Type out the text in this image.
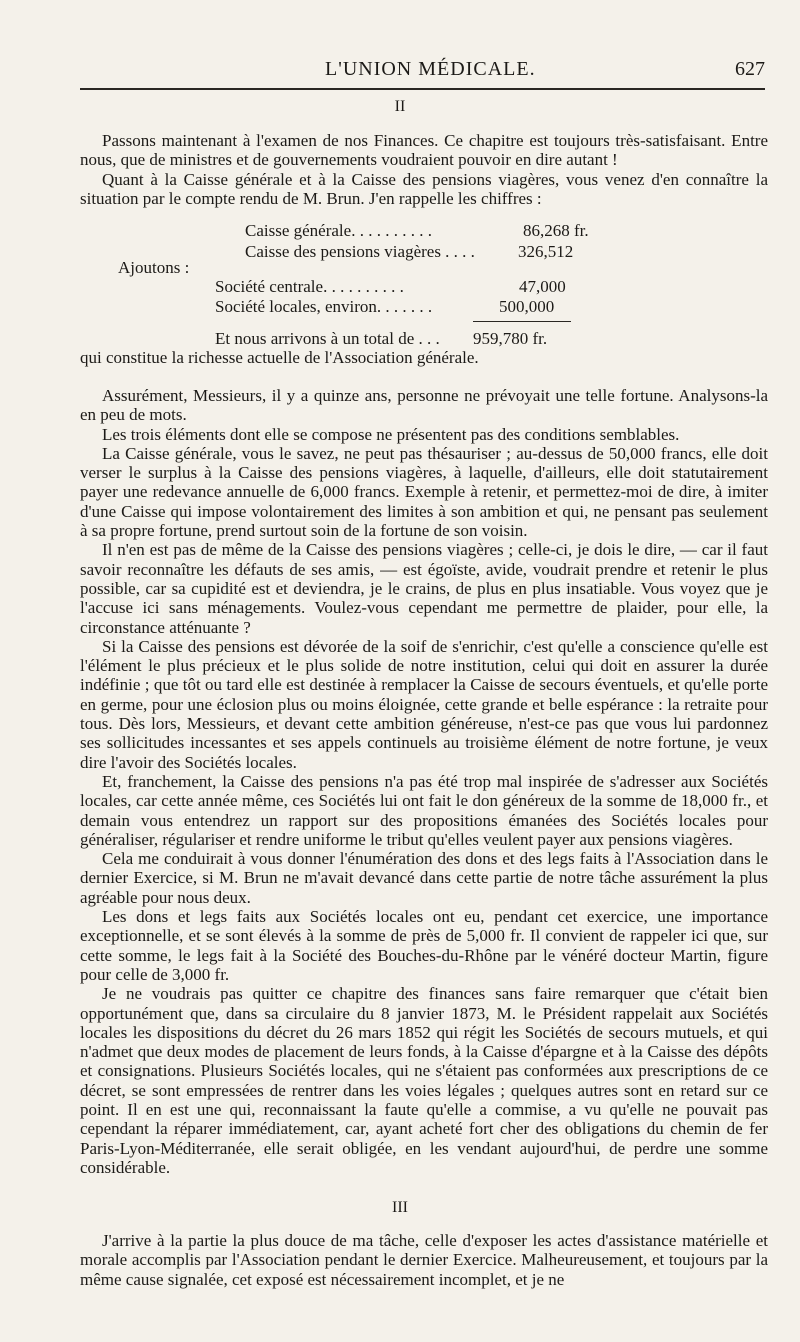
L'UNION MÉDICALE.	627
II

Passons maintenant à l'examen de nos Finances. Ce chapitre est toujours très-satisfaisant. Entre nous, que de ministres et de gouvernements voudraient pouvoir en dire autant !

Quant à la Caisse générale et à la Caisse des pensions viagères, vous venez d'en connaître la situation par le compte rendu de M. Brun. J'en rappelle les chiffres :

Caisse générale. . . . . . . . . .	86,268 fr.
Caisse des pensions viagères . . . .	326,512
Ajoutons :
Société centrale. . . . . . . . . .	47,000
Société locales, environ. . . . . . .	500,000
Et nous arrivons à un total de . . . 959,780 fr.
qui constitue la richesse actuelle de l'Association générale.

Assurément, Messieurs, il y a quinze ans, personne ne prévoyait une telle fortune. Analysons-la en peu de mots.

Les trois éléments dont elle se compose ne présentent pas des conditions semblables.

La Caisse générale, vous le savez, ne peut pas thésauriser ; au-dessus de 50,000 francs, elle doit verser le surplus à la Caisse des pensions viagères, à laquelle, d'ailleurs, elle doit statutairement payer une redevance annuelle de 6,000 francs. Exemple à retenir, et permettez-moi de dire, à imiter d'une Caisse qui impose volontairement des limites à son ambition et qui, ne pensant pas seulement à sa propre fortune, prend surtout soin de la fortune de son voisin.

Il n'en est pas de même de la Caisse des pensions viagères ; celle-ci, je dois le dire, — car il faut savoir reconnaître les défauts de ses amis, — est égoïste, avide, voudrait prendre et retenir le plus possible, car sa cupidité est et deviendra, je le crains, de plus en plus insatiable. Vous voyez que je l'accuse ici sans ménagements. Voulez-vous cependant me permettre de plaider, pour elle, la circonstance atténuante ?

Si la Caisse des pensions est dévorée de la soif de s'enrichir, c'est qu'elle a conscience qu'elle est l'élément le plus précieux et le plus solide de notre institution, celui qui doit en assurer la durée indéfinie ; que tôt ou tard elle est destinée à remplacer la Caisse de secours éventuels, et qu'elle porte en germe, pour une éclosion plus ou moins éloignée, cette grande et belle espérance : la retraite pour tous. Dès lors, Messieurs, et devant cette ambition généreuse, n'est-ce pas que vous lui pardonnez ses sollicitudes incessantes et ses appels continuels au troisième élément de notre fortune, je veux dire l'avoir des Sociétés locales.

Et, franchement, la Caisse des pensions n'a pas été trop mal inspirée de s'adresser aux Sociétés locales, car cette année même, ces Sociétés lui ont fait le don généreux de la somme de 18,000 fr., et demain vous entendrez un rapport sur des propositions émanées des Sociétés locales pour généraliser, régulariser et rendre uniforme le tribut qu'elles veulent payer aux pensions viagères.

Cela me conduirait à vous donner l'énumération des dons et des legs faits à l'Association dans le dernier Exercice, si M. Brun ne m'avait devancé dans cette partie de notre tâche assurément la plus agréable pour nous deux.

Les dons et legs faits aux Sociétés locales ont eu, pendant cet exercice, une importance exceptionnelle, et se sont élevés à la somme de près de 5,000 fr. Il convient de rappeler ici que, sur cette somme, le legs fait à la Société des Bouches-du-Rhône par le vénéré docteur Martin, figure pour celle de 3,000 fr.

Je ne voudrais pas quitter ce chapitre des finances sans faire remarquer que c'était bien opportunément que, dans sa circulaire du 8 janvier 1873, M. le Président rappelait aux Sociétés locales les dispositions du décret du 26 mars 1852 qui régit les Sociétés de secours mutuels, et qui n'admet que deux modes de placement de leurs fonds, à la Caisse d'épargne et à la Caisse des dépôts et consignations. Plusieurs Sociétés locales, qui ne s'étaient pas conformées aux prescriptions de ce décret, se sont empressées de rentrer dans les voies légales ; quelques autres sont en retard sur ce point. Il en est une qui, reconnaissant la faute qu'elle a commise, a vu qu'elle ne pouvait pas cependant la réparer immédiatement, car, ayant acheté fort cher des obligations du chemin de fer Paris-Lyon-Méditerranée, elle serait obligée, en les vendant aujourd'hui, de perdre une somme considérable.

III

J'arrive à la partie la plus douce de ma tâche, celle d'exposer les actes d'assistance matérielle et morale accomplis par l'Association pendant le dernier Exercice. Malheureusement, et toujours par la même cause signalée, cet exposé est nécessairement incomplet, et je ne
